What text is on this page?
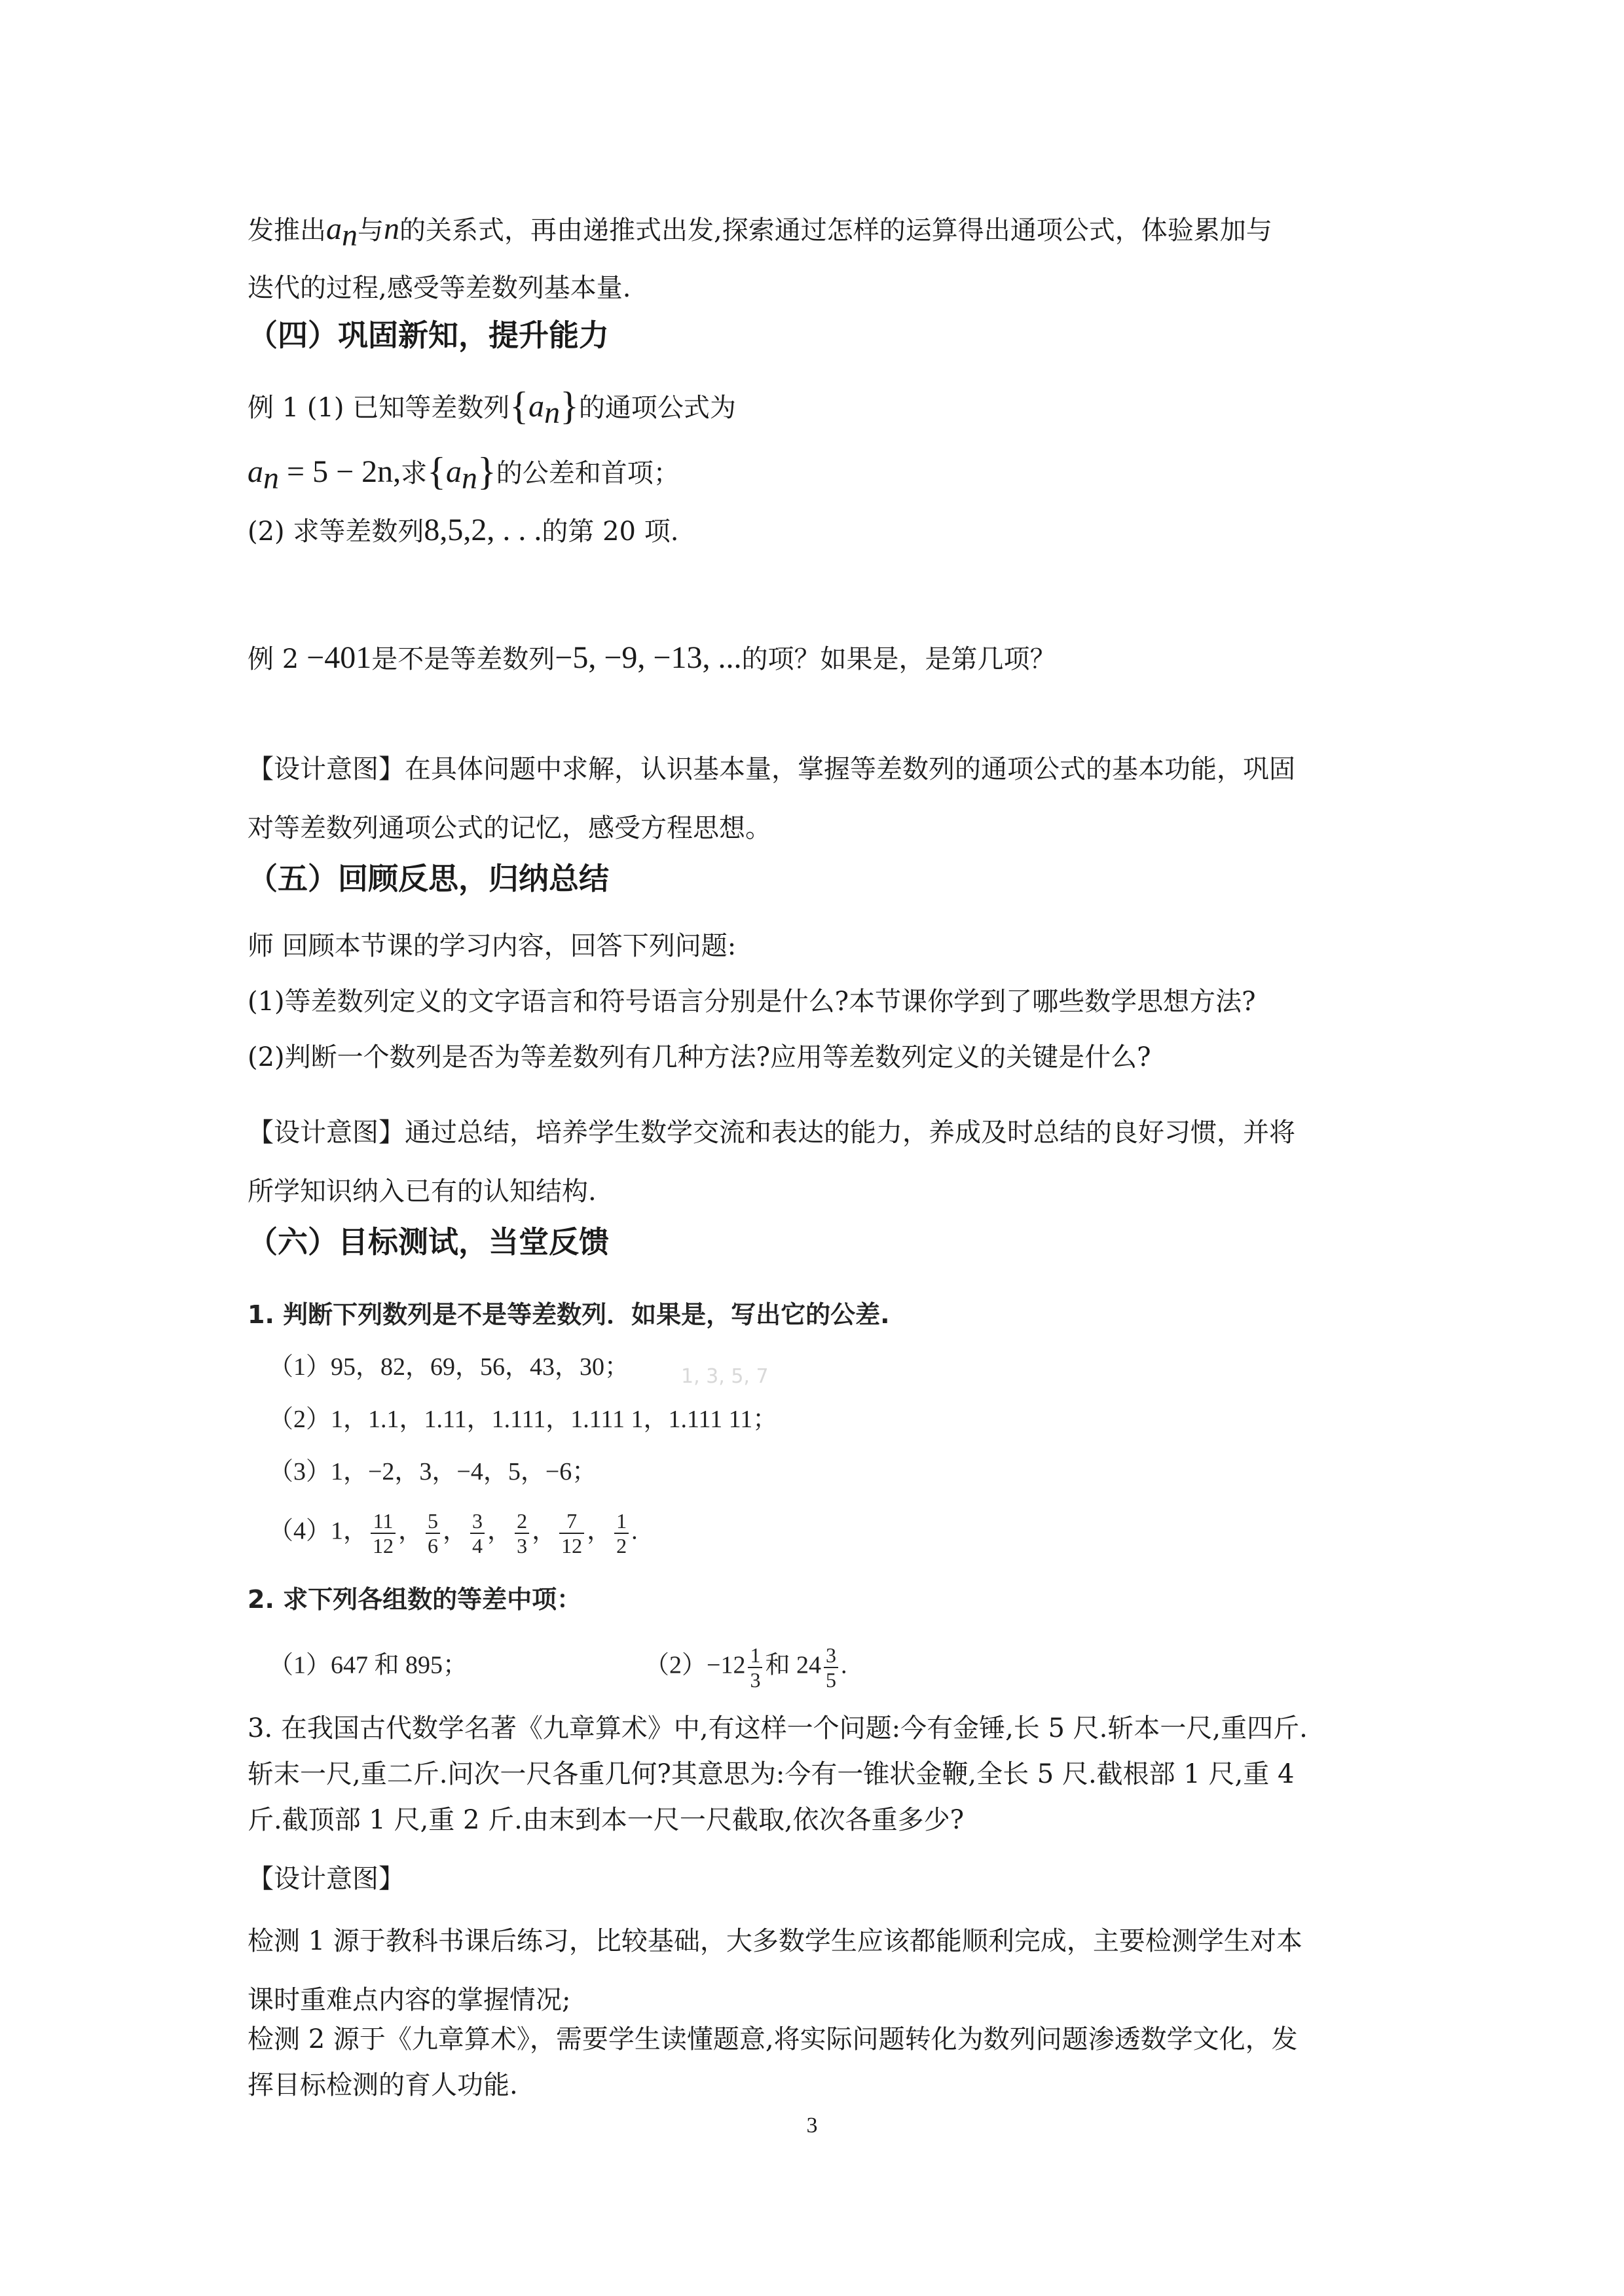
发推出$a_n$与n的关系式，再由递推式出发,探索通过怎样的运算得出通项公式，体验累加与
迭代的过程,感受等差数列基本量.
（四）巩固新知，提升能力
例 1 (1) 已知等差数列$\{a_n\}$的通项公式为
$a_n = 5 - 2n$,求$\{a_n\}$的公差和首项；
(2) 求等差数列8,5,2, . . .的第 20 项.
例 2 −401是不是等差数列−5, −9, −13, ...的项？如果是，是第几项？
【设计意图】在具体问题中求解，认识基本量，掌握等差数列的通项公式的基本功能，巩固
对等差数列通项公式的记忆，感受方程思想。
（五）回顾反思，归纳总结
师 回顾本节课的学习内容，回答下列问题:
(1)等差数列定义的文字语言和符号语言分别是什么?本节课你学到了哪些数学思想方法?
(2)判断一个数列是否为等差数列有几种方法?应用等差数列定义的关键是什么?
【设计意图】通过总结，培养学生数学交流和表达的能力，养成及时总结的良好习惯，并将
所学知识纳入已有的认知结构.
（六）目标测试，当堂反馈
1. 判断下列数列是不是等差数列．如果是，写出它的公差.
（1）95，82，69，56，43，30；	1, 3, 5, 7
（2）1，1.1，1.11，1.111，1.111 1，1.111 11；
（3）1，−2，3，−4，5，−6；
（4）1， $\frac{11}{12}$ ， $\frac{5}{6}$ ， $\frac{3}{4}$ ， $\frac{2}{3}$ ， $\frac{7}{12}$ ， $\frac{1}{2}$ .
2. 求下列各组数的等差中项：
（1）647 和 895；	$(2)-12 \frac{1}{3}$ 和 $24 \frac{3}{5}$ .
3. 在我国古代数学名著《九章算术》中,有这样一个问题:今有金锤,长 5 尺.斩本一尺,重四斤.
斩末一尺,重二斤.问次一尺各重几何?其意思为:今有一锥状金鞭,全长 5 尺.截根部 1 尺,重 4
斤.截顶部 1 尺,重 2 斤.由末到本一尺一尺截取,依次各重多少?
【设计意图】
检测 1 源于教科书课后练习，比较基础，大多数学生应该都能顺利完成，主要检测学生对本
课时重难点内容的掌握情况;
检测 2 源于《九章算术》，需要学生读懂题意,将实际问题转化为数列问题渗透数学文化，发
挥目标检测的育人功能.
3
